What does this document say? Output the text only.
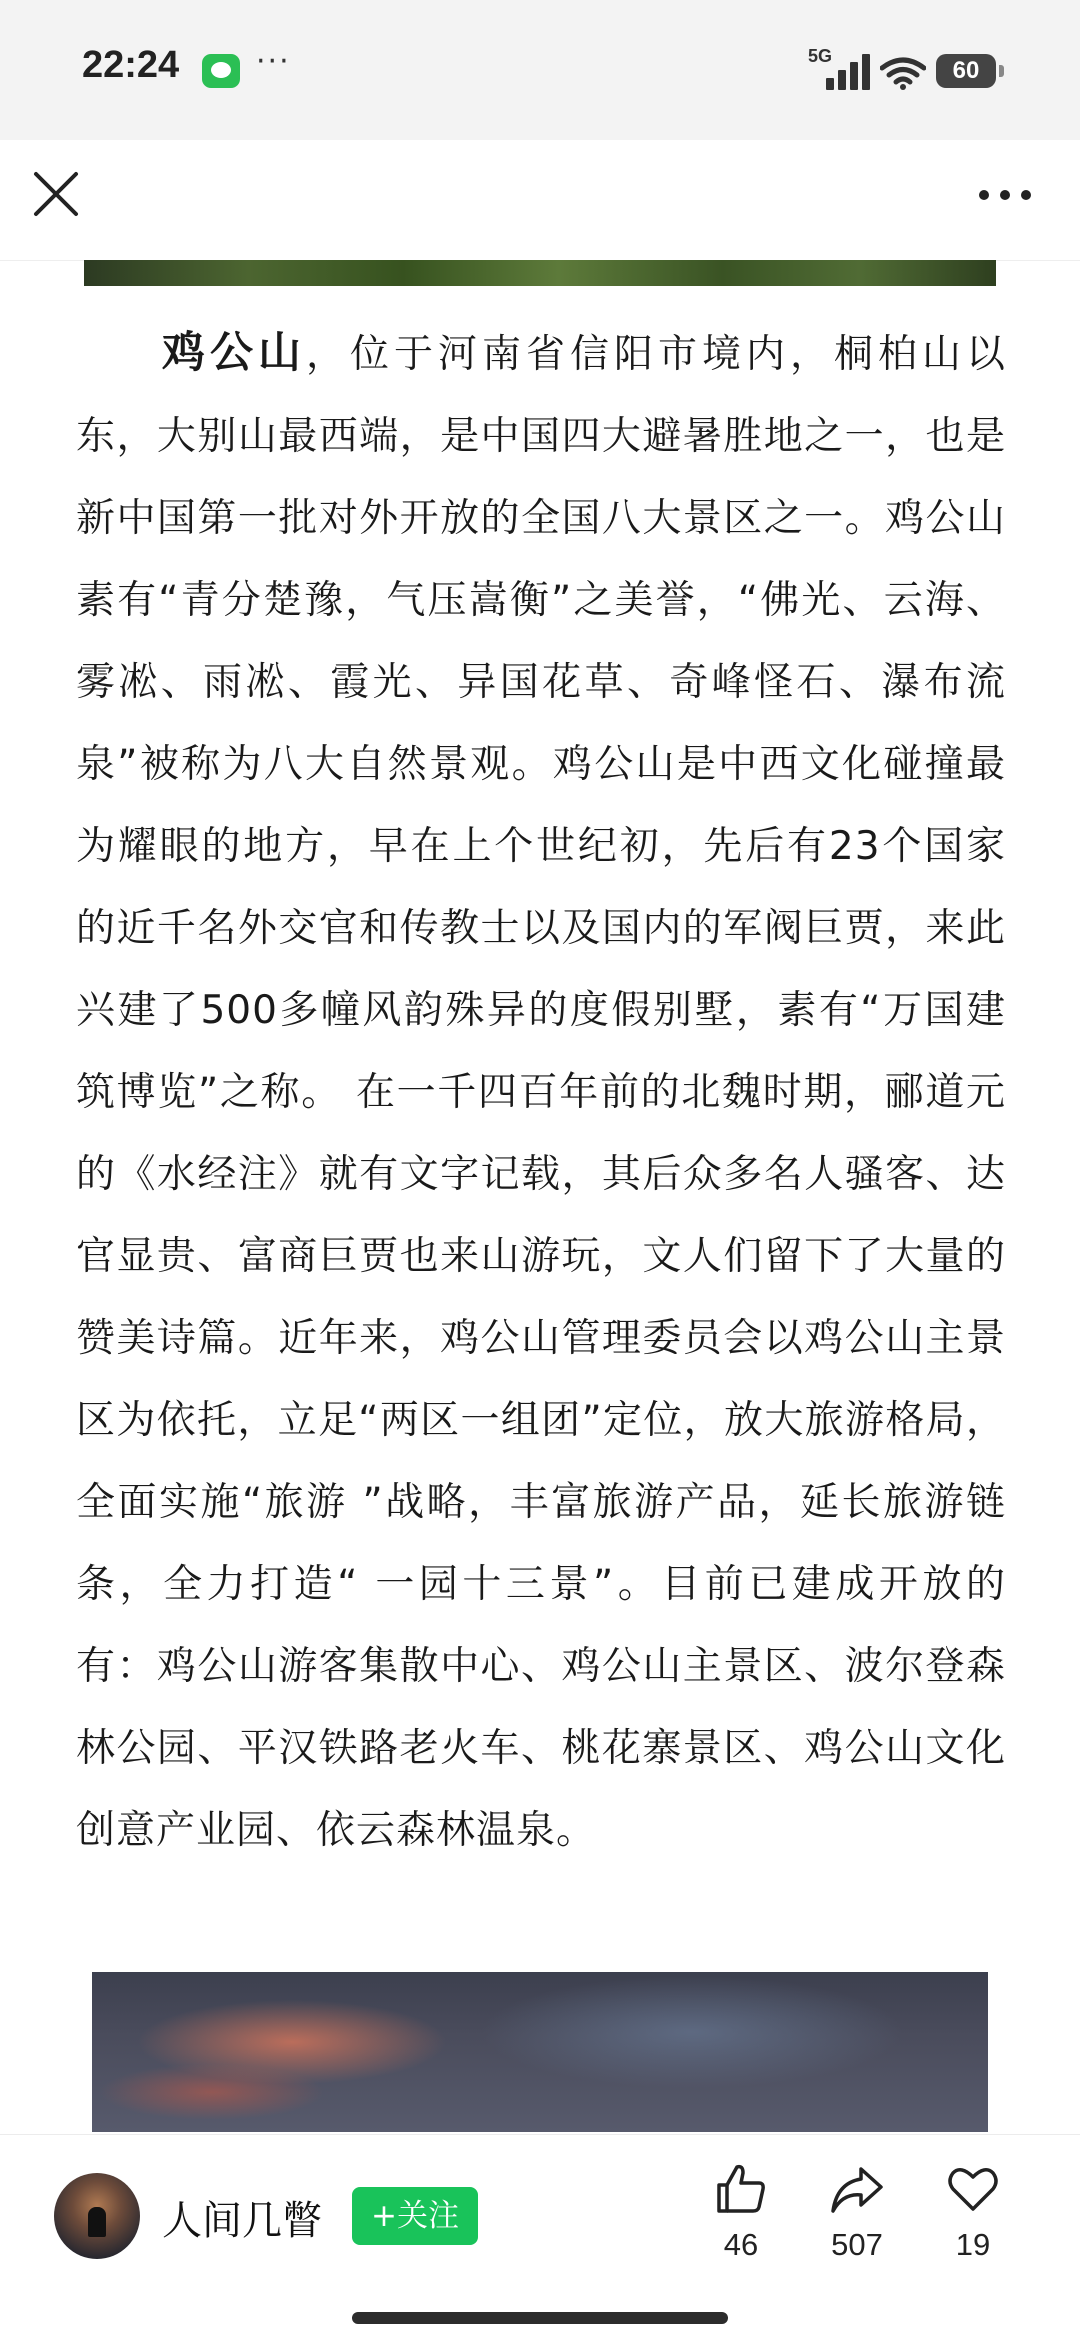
22:24	···	5G
60
鸡公山，位于河南省信阳市境内，桐柏山以东，大别山最西端，是中国四大避暑胜地之一，也是新中国第一批对外开放的全国八大景区之一。鸡公山素有“青分楚豫，气压嵩衡”之美誉，“佛光、云海、雾凇、雨凇、霞光、异国花草、奇峰怪石、瀑布流泉”被称为八大自然景观。鸡公山是中西文化碰撞最为耀眼的地方，早在上个世纪初，先后有23个国家的近千名外交官和传教士以及国内的军阀巨贾，来此兴建了500多幢风韵殊异的度假别墅，素有“万国建筑博览”之称。 在一千四百年前的北魏时期，郦道元的《水经注》就有文字记载，其后众多名人骚客、达官显贵、富商巨贾也来山游玩，文人们留下了大量的赞美诗篇。近年来，鸡公山管理委员会以鸡公山主景区为依托，立足“两区一组团”定位，放大旅游格局，全面实施“旅游 ”战略，丰富旅游产品，延长旅游链条，全力打造“ 一园十三景”。目前已建成开放的有：鸡公山游客集散中心、鸡公山主景区、波尔登森林公园、平汉铁路老火车、桃花寨景区、鸡公山文化创意产业园、依云森林温泉。
人间几瞥	+关注
46	507	19
